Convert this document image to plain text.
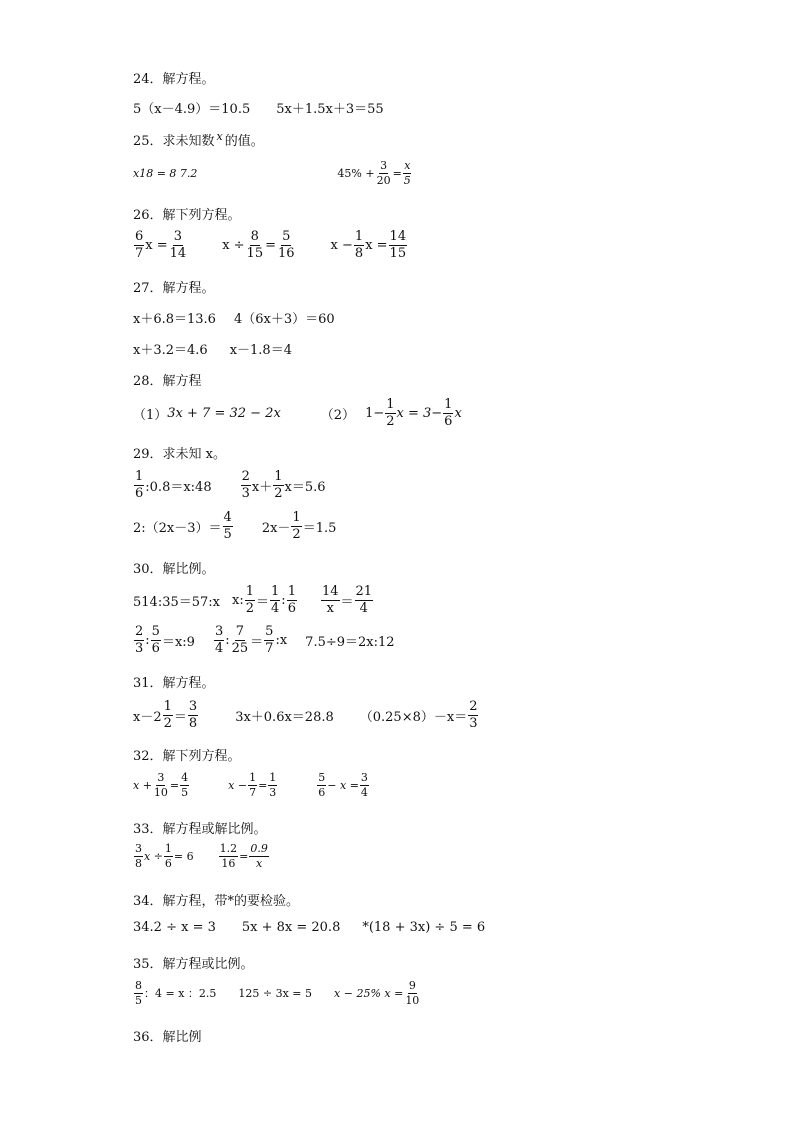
24．解方程。
5（x－4.9）＝10.5 5x＋1.5x＋3＝55
25．求未知数 x 的值。
x18 = 8 7.2	$45\% + \frac{3}{20} = \frac{x}{5}$
26．解下列方程。
6
7
$x = \frac{3}{14}$	$x \div \frac{8}{15} = \frac{5}{16}$	$x - \frac{1}{8}$ $x = \frac{14}{15}$
27．解方程。
x＋6.8＝13.6 4（6x＋3）＝60
x＋3.2＝4.6 x－1.8＝4
28．解方程
（1） 3x + 7 = 32 − 2x	（2） $1- \frac{1}{2}$ $x = 3- \frac{1}{6}$ x
29．求未知 x。
1
6 :0.8＝x:48
2
3 x＋
1
2 x＝5.6
2:（2x－3）＝
4
5 2x－
1
2 ＝1.5
30．解比例。
514:35＝57:x x:
1
2 ＝
1
4
:
1
6
14
x ＝
21
4
2
3
:
5
6 ＝x:9
3
4
:
7
25 ＝
5
7
:x 7.5÷9＝2x:12
31．解方程。
x－2
1
2 ＝
3
8	3x＋0.6x＝28.8 （0.25×8）－x＝
2
3
32．解下列方程。
$x + \frac{3}{10} = \frac{4}{5}$	$x - \frac{1}{7} = \frac{1}{3}$	5
6
− $x = \frac{3}{4}$
33．解方程或解比例。
3
8
$x \div \frac{1}{6} = 6 \frac{1.2}{16} = \frac{0.9}{x}$
34．解方程，带*的要检验。
34.2 ÷ x = 3 5x + 8x = 20.8 *(18 + 3x) ÷ 5 = 6
35．解方程或比例。
8
5 ：4 = x ：2.5 125 ÷ 3x = 5 x − 25% $x = \frac{9}{10}$
36．解比例
